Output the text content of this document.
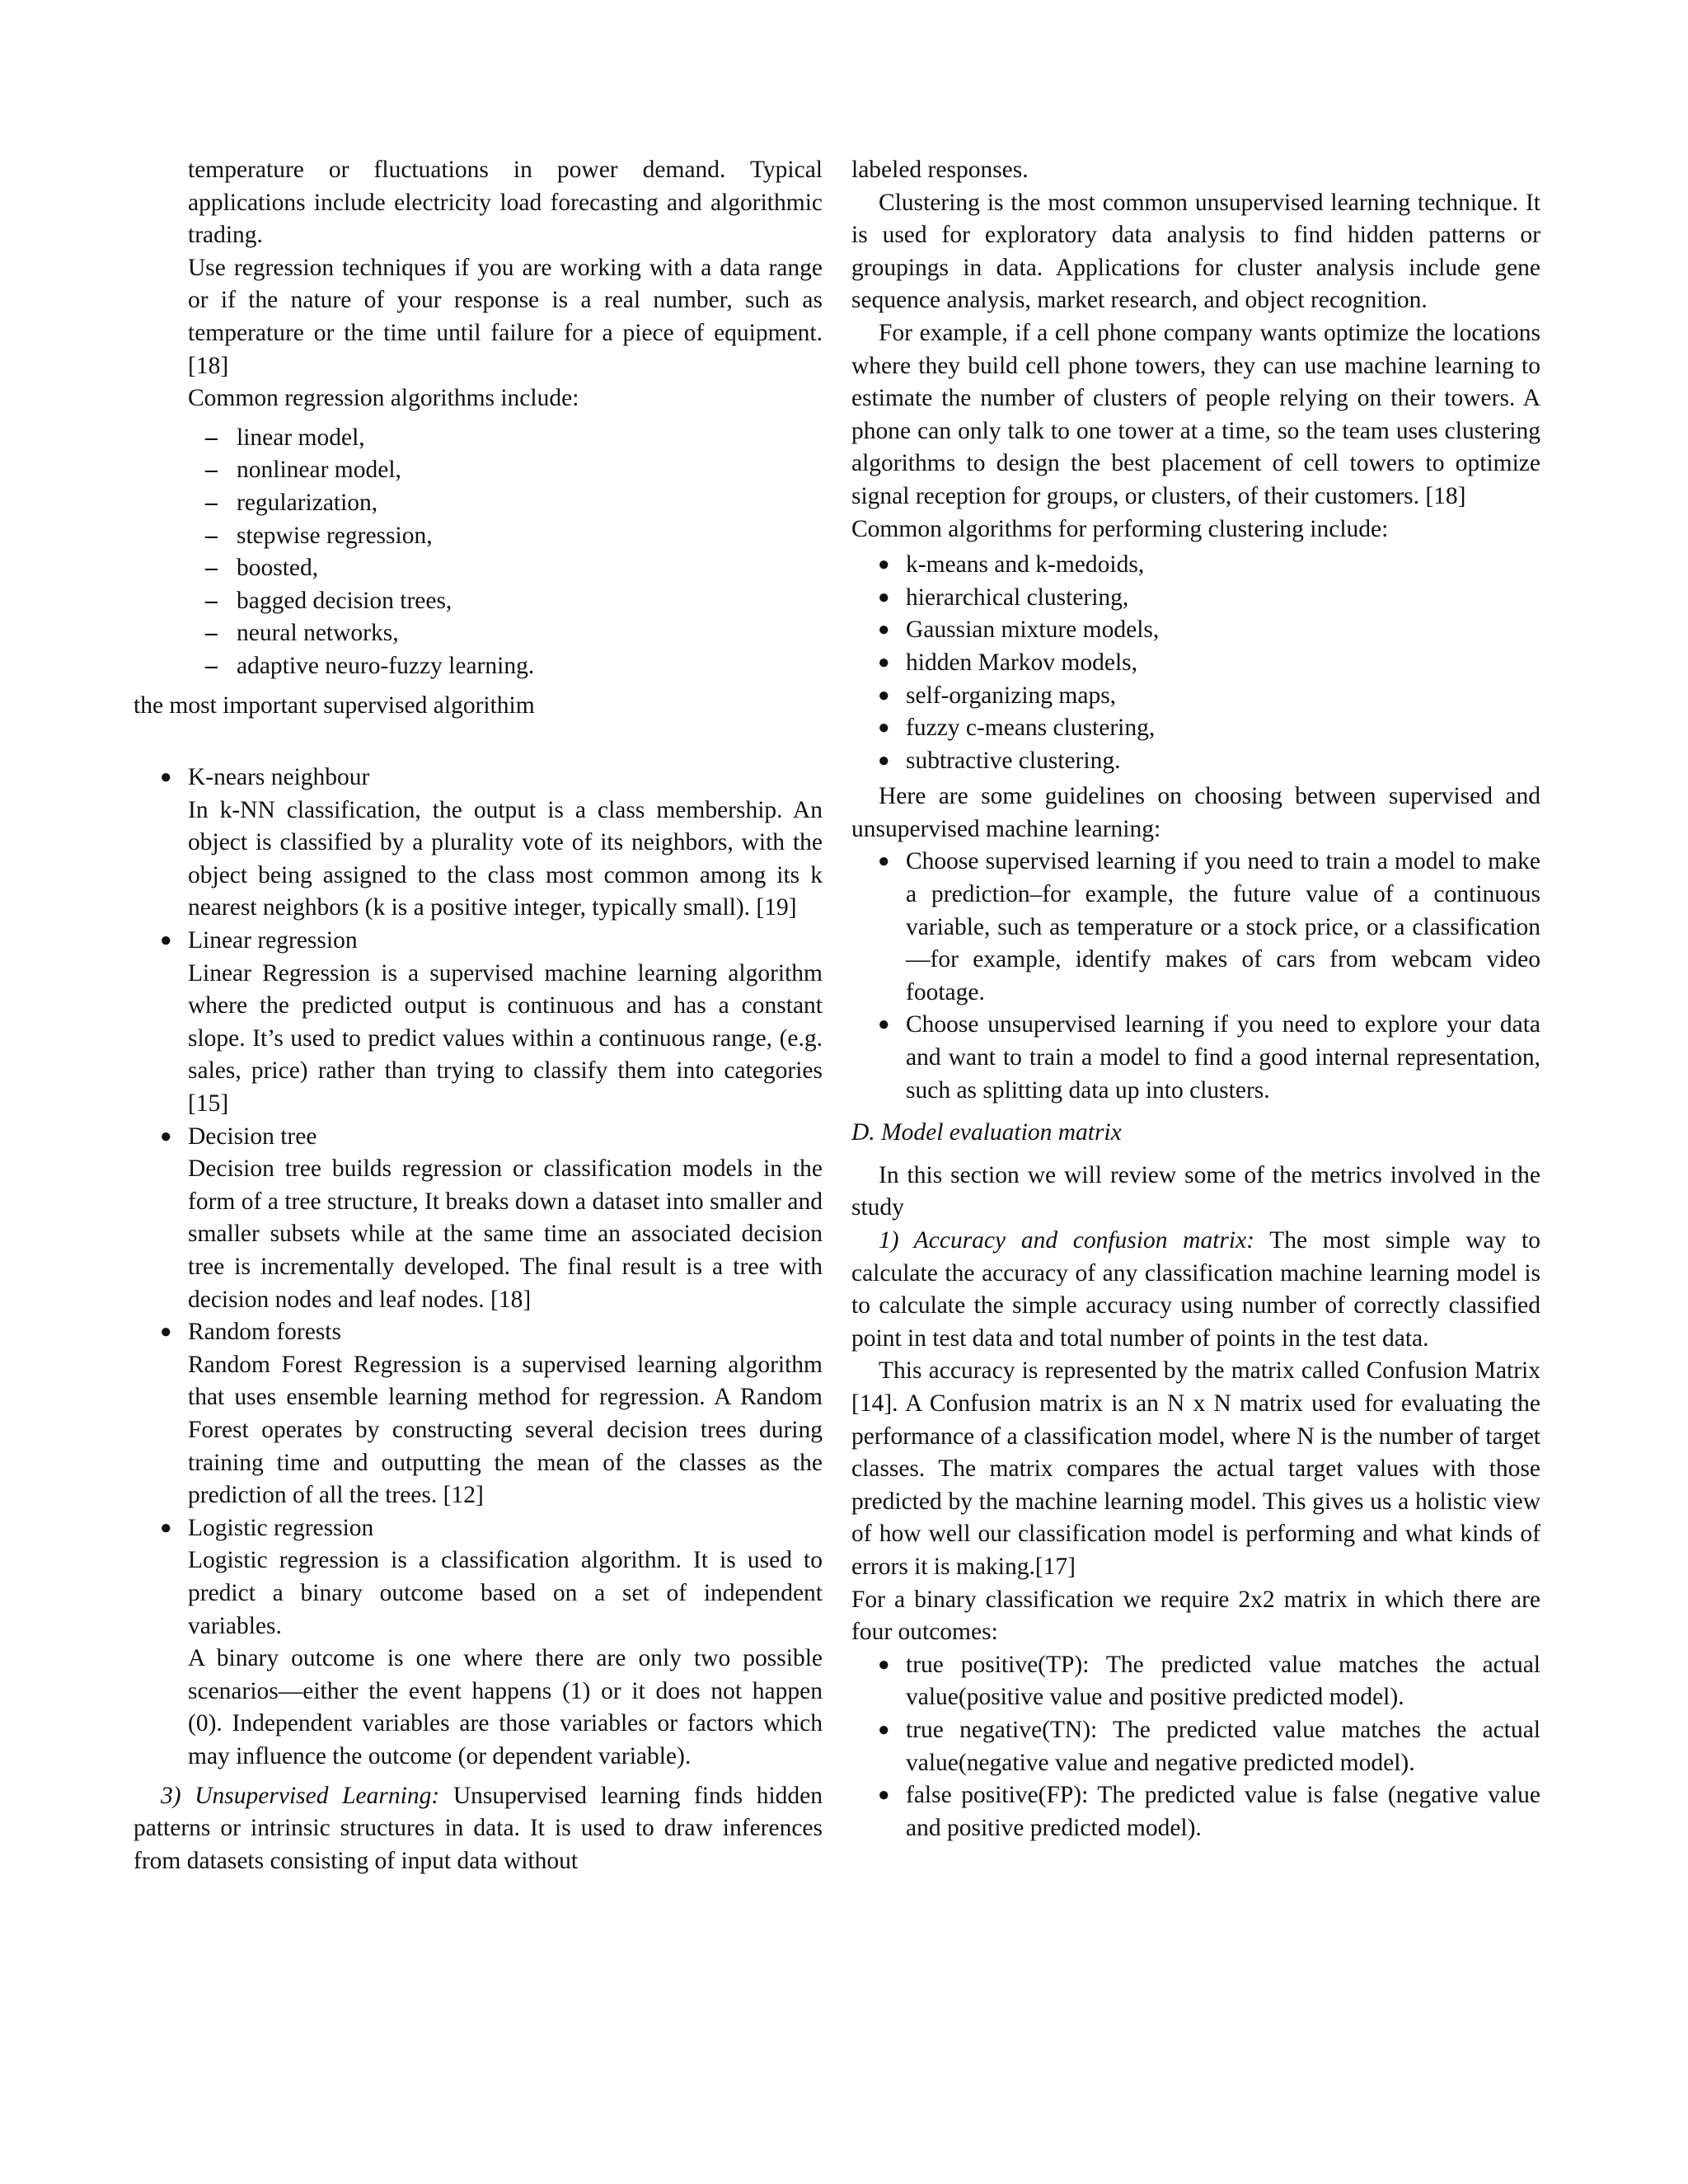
temperature or fluctuations in power demand. Typical applications include electricity load forecasting and algorithmic trading.

Use regression techniques if you are working with a data range or if the nature of your response is a real number, such as temperature or the time until failure for a piece of equipment. [18]

Common regression algorithms include:

– linear model,
– nonlinear model,
– regularization,
– stepwise regression,
– boosted,
– bagged decision trees,
– neural networks,
– adaptive neuro-fuzzy learning.

the most important supervised algorithim

● K-nears neighbour

In k-NN classification, the output is a class membership. An object is classified by a plurality vote of its neighbors, with the object being assigned to the class most common among its k nearest neighbors (k is a positive integer, typically small). [19]

● Linear regression

Linear Regression is a supervised machine learning algorithm where the predicted output is continuous and has a constant slope. It’s used to predict values within a continuous range, (e.g. sales, price) rather than trying to classify them into categories [15]

● Decision tree

Decision tree builds regression or classification models in the form of a tree structure, It breaks down a dataset into smaller and smaller subsets while at the same time an associated decision tree is incrementally developed. The final result is a tree with decision nodes and leaf nodes. [18]

● Random forests

Random Forest Regression is a supervised learning algorithm that uses ensemble learning method for regression. A Random Forest operates by constructing several decision trees during training time and outputting the mean of the classes as the prediction of all the trees. [12]

● Logistic regression

Logistic regression is a classification algorithm. It is used to predict a binary outcome based on a set of independent variables.

A binary outcome is one where there are only two possible scenarios—either the event happens (1) or it does not happen (0). Independent variables are those variables or factors which may influence the outcome (or dependent variable).

3) Unsupervised Learning: Unsupervised learning finds hidden patterns or intrinsic structures in data. It is used to draw inferences from datasets consisting of input data without

labeled responses.

Clustering is the most common unsupervised learning technique. It is used for exploratory data analysis to find hidden patterns or groupings in data. Applications for cluster analysis include gene sequence analysis, market research, and object recognition.

For example, if a cell phone company wants optimize the locations where they build cell phone towers, they can use machine learning to estimate the number of clusters of people relying on their towers. A phone can only talk to one tower at a time, so the team uses clustering algorithms to design the best placement of cell towers to optimize signal reception for groups, or clusters, of their customers. [18]

Common algorithms for performing clustering include:

● k-means and k-medoids,
● hierarchical clustering,
● Gaussian mixture models,
● hidden Markov models,
● self-organizing maps,
● fuzzy c-means clustering,
● subtractive clustering.

Here are some guidelines on choosing between supervised and unsupervised machine learning:

● Choose supervised learning if you need to train a model to make a prediction–for example, the future value of a continuous variable, such as temperature or a stock price, or a classification—for example, identify makes of cars from webcam video footage.
● Choose unsupervised learning if you need to explore your data and want to train a model to find a good internal representation, such as splitting data up into clusters.

D. Model evaluation matrix

In this section we will review some of the metrics involved in the study

1) Accuracy and confusion matrix: The most simple way to calculate the accuracy of any classification machine learning model is to calculate the simple accuracy using number of correctly classified point in test data and total number of points in the test data.

This accuracy is represented by the matrix called Confusion Matrix [14]. A Confusion matrix is an N x N matrix used for evaluating the performance of a classification model, where N is the number of target classes. The matrix compares the actual target values with those predicted by the machine learning model. This gives us a holistic view of how well our classification model is performing and what kinds of errors it is making.[17]

For a binary classification we require 2x2 matrix in which there are four outcomes:

● true positive(TP): The predicted value matches the actual value(positive value and positive predicted model).
● true negative(TN): The predicted value matches the actual value(negative value and negative predicted model).
● false positive(FP): The predicted value is false (negative value and positive predicted model).
